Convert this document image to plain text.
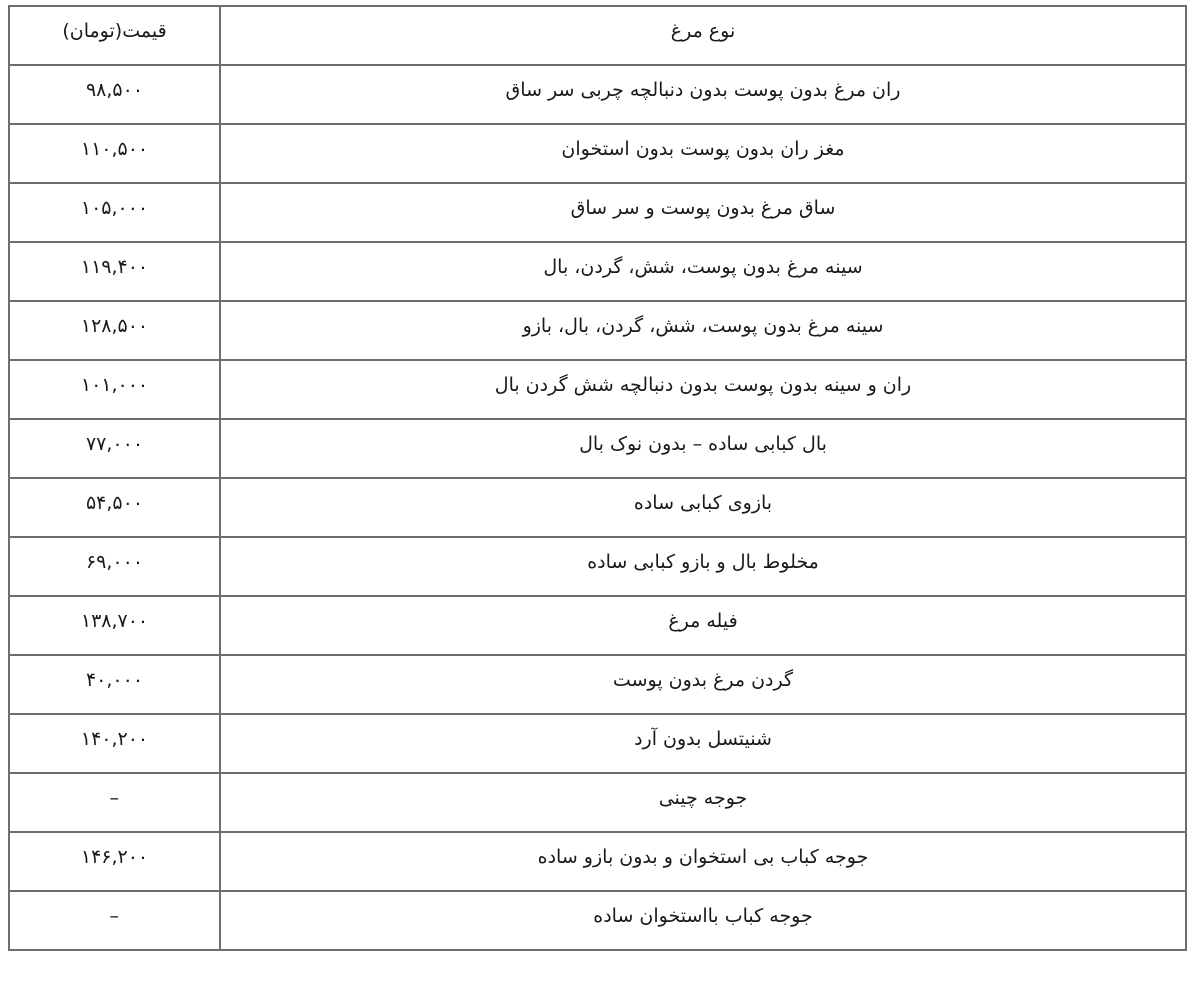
قیمت(تومان)	نوع مرغ
۹۸,۵۰۰	ران مرغ بدون پوست بدون دنبالچه چربی سر ساق
۱۱۰,۵۰۰	مغز ران بدون پوست بدون استخوان
۱۰۵,۰۰۰	ساق مرغ بدون پوست و سر ساق
۱۱۹,۴۰۰	سینه مرغ بدون پوست، شش، گردن، بال
۱۲۸,۵۰۰	سینه مرغ بدون پوست، شش، گردن، بال، بازو
۱۰۱,۰۰۰	ران و سینه بدون پوست بدون دنبالچه شش گردن بال
۷۷,۰۰۰	بال کبابی ساده – بدون نوک بال
۵۴,۵۰۰	بازوی کبابی ساده
۶۹,۰۰۰	مخلوط بال و بازو کبابی ساده
۱۳۸,۷۰۰	فیله مرغ
۴۰,۰۰۰	گردن مرغ بدون پوست
۱۴۰,۲۰۰	شنیتسل بدون آرد
–	جوجه چینی
۱۴۶,۲۰۰	جوجه کباب بی استخوان و بدون بازو ساده
–	جوجه کباب بااستخوان ساده
